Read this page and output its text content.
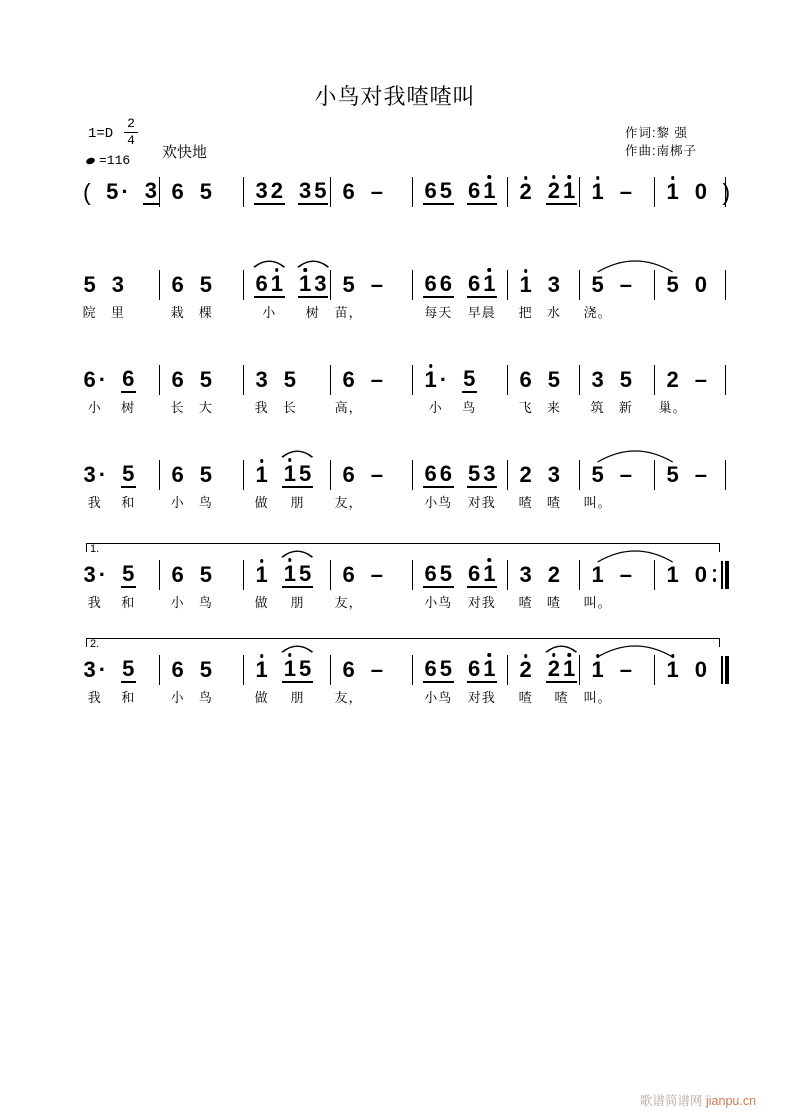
小鸟对我喳喳叫
1=D
2
4
=116 欢快地
作词:黎 强
作曲:南梆子
( 5 · 3 6 5 3 2 3 5 6 – 6 5 6 1 2 2 1 1 – 1 0 )
5
院
3
里
6
栽
5
棵
6 1
小
1 3
树
5
苗，
– 6 6
每天
6 1
早晨
1
把
3
水
5
浇。
– 5 0
6 ·
小
6
树
6
长
5
大
3
我
5
长
6
高，
– 1 ·
小
5
鸟
6
飞
5
来
3
筑
5
新
2
巢。
–
3 ·
我
5
和
6
小
5
鸟
1
做
1 5
朋
6
友，
– 6 6
小鸟
5 3
对我
2
喳
3
喳
5
叫。
– 5 –
1.
3 ·
我
5
和
6
小
5
鸟
1
做
1 5
朋
6
友，
– 6 5
小鸟
6 1
对我
3
喳
2
喳
1
叫。
– 1 0
2.
3 ·
我
5
和
6
小
5
鸟
1
做
1 5
朋
6
友，
– 6 5
小鸟
6 1
对我
2
喳
2 1
喳
1
叫。
– 1 0
歌谱简谱网 jianpu.cn
